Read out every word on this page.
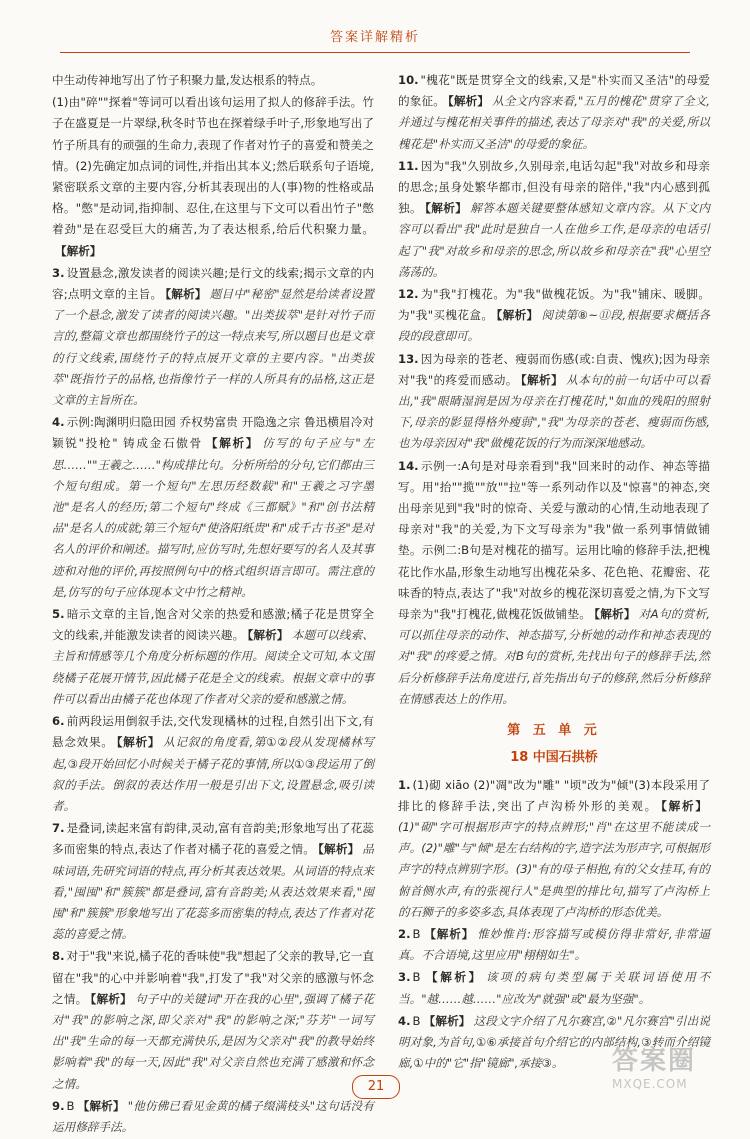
答案详解精析
中生动传神地写出了竹子积聚力量,发达根系的特点。
(1)由"碎""探着"等词可以看出该句运用了拟人的修辞手法。竹子在盛夏是一片翠绿,秋冬时节也在探着绿手叶子,形象地写出了竹子所具有的顽强的生命力,表现了作者对竹子的喜爱和赞美之情。(2)先确定加点词的词性,并指出其本义;然后联系句子语境,紧密联系文章的主要内容,分析其表现出的人(事)物的性格或品格。"憋"是动词,指抑制、忍住,在这里与下文可以看出竹子"憋着劲"是在忍受巨大的痛苦,为了表达根系,给后代积聚力量。【解析】
3. 设置悬念,激发读者的阅读兴趣;是行文的线索;揭示文章的内容;点明文章的主旨。 【解析】 题目中"秘密"显然是给读者设置了一个悬念,激发了读者的阅读兴趣。"出类拔萃"是针对竹子而言的,整篇文章也都围绕竹子的这一特点来写,所以题目也是文章的行文线索,围绕竹子的特点展开文章的主要内容。"出类拔萃"既指竹子的品格,也指像竹子一样的人所具有的品格,这正是文章的主旨所在。
4. 示例:陶渊明归隐田园 乔权势富贵 开隐逸之宗 鲁迅横眉冷对 颖锐"投枪" 铸成金石傲骨 【解析】 仿写的句子应与"左思……""王羲之……"构成排比句。分析所给的分句,它们都由三个短句组成。第一个短句"左思历经数载"和"王羲之习字墨池"是名人的经历;第二个短句"终成《三都赋》"和"创书法精品"是名人的成就;第三个短句"使洛阳纸贵"和"成千古书圣"是对名人的评价和阐述。描写时,应仿写时,先想好要写的名人及其事迹和对他的评价,再按照例句中的格式组织语言即可。需注意的是,仿写的句子应体现本文中竹之精神。
5. 暗示文章的主旨,饱含对父亲的热爱和感激;橘子花是贯穿全文的线索,并能激发读者的阅读兴趣。 【解析】 本题可以线索、主旨和情感等几个角度分析标题的作用。阅读全文可知,本文围绕橘子花展开情节,因此橘子花是全文的线索。根据文章中的事件可以看出由橘子花也体现了作者对父亲的爱和感激之情。
6. 前两段运用倒叙手法,交代发现橘林的过程,自然引出下文,有悬念效果。 【解析】 从记叙的角度看,第①②段从发现橘林写起,③段开始回忆小时候关于橘子花的事情,所以①③段运用了倒叙的手法。倒叙的表达作用一般是引出下文,设置悬念,吸引读者。
7. 是叠词,读起来富有韵律,灵动,富有音韵美;形象地写出了花蕊多而密集的特点,表达了作者对橘子花的喜爱之情。 【解析】 品味词语,先研究词语的特点,再分析其表达效果。从词语的特点来看,"囤囤"和"簇簇"都是叠词,富有音韵美;从表达效果来看,"囤囤"和"簇簇"形象地写出了花蕊多而密集的特点,表达了作者对花蕊的喜爱之情。
8. 对于"我"来说,橘子花的香味使"我"想起了父亲的教导,它一直留在"我"的心中并影响着"我",打发了"我"对父亲的感激与怀念之情。 【解析】 句子中的关键词"开在我的心里",强调了橘子花对"我"的影响之深,即父亲对"我"的影响之深;"芬芳"一词写出"我"生命的每一天都充满快乐,是因为父亲对"我"的教导始终影响着"我"的每一天,因此"我"对父亲自然也充满了感激和怀念之情。
9. B 【解析】 "他仿佛已看见金黄的橘子缀满枝头"这句话没有运用修辞手法。
10. "槐花"既是贯穿全文的线索,又是"朴实而又圣洁"的母爱的象征。 【解析】 从全文内容来看,"五月的槐花"贯穿了全文,并通过与槐花相关事件的描述,表达了母亲对"我"的关爱,所以槐花是"朴实而又圣洁"的母爱的象征。
11. 因为"我"久别故乡,久别母亲,电话勾起"我"对故乡和母亲的思念;虽身处繁华都市,但没有母亲的陪伴,"我"内心感到孤独。 【解析】 解答本题关键要整体感知文章内容。从下文内容可以看出"我"此时是独自一人在他乡工作,是母亲的电话引起了"我"对故乡和母亲的思念,所以故乡和母亲在"我"心里空荡荡的。
12. 为"我"打槐花。为"我"做槐花饭。为"我"铺床、暖脚。为"我"买槐花盒。 【解析】 阅读第⑧~⑪段,根据要求概括各段的段意即可。
13. 因为母亲的苍老、瘦弱而伤感(或:自责、愧疚);因为母亲对"我"的疼爱而感动。 【解析】 从本句的前一句话中可以看出,"我"眼睛湿润是因为母亲在打槐花时,"如血的残阳的照射下,母亲的影显得格外瘦弱","我"为母亲的苍老、瘦弱而伤感,也为母亲因对"我"做槐花饭的行为而深深地感动。
14. 示例一:A句是对母亲看到"我"回来时的动作、神态等描写。用"抬""揽""放""拉"等一系列动作以及"惊喜"的神态,突出母亲见到"我"时的惊奇、关爱与激动的心情,生动地表现了母亲对"我"的关爱,为下文写母亲为"我"做一系列事情做铺垫。示例二:B句是对槐花的描写。运用比喻的修辞手法,把槐花比作水晶,形象生动地写出槐花朵多、花色艳、花瓣密、花味香的特点,表达了"我"对故乡的槐花深切喜爱之情,为下文写母亲为"我"打槐花,做槐花饭做铺垫。 【解析】 对A句的赏析,可以抓住母亲的动作、神态描写,分析她的动作和神态表现的对"我"的疼爱之情。对B句的赏析,先找出句子的修辞手法,然后分析修辞手法角度进行,首先指出句子的修辞,然后分析修辞在情感表达上的作用。
第 五 单 元
18 中国石拱桥
1. (1)砌 xiāo (2)"凋"改为"雕" "顷"改为"倾"(3)本段采用了排比的修辞手法,突出了卢沟桥外形的美观。 【解析】(1)"砌"字可根据形声字的特点辨形;"肖"在这里不能读成一声。(2)"雕"与"倾"是左右结构的字,造字法为形声字,可根据形声字的特点辨别字形。(3)"有的母子相抱,有的父女挂耳,有的俯首侧水声,有的张视行人"是典型的排比句,描写了卢沟桥上的石狮子的多姿多态,具体表现了卢沟桥的形态优美。
2. B 【解析】 惟妙惟肖:形容描写或模仿得非常好,非常逼真。不合语境,这里应用"栩栩如生"。
3. B 【解析】 该项的病句类型属于关联词语使用不当。"越……越……"应改为"就强"或"最为坚强"。
4. B 【解析】 这段文字介绍了凡尔赛宫,②"凡尔赛宫"引出说明对象,为首句,①⑥承接首句介绍它的内部结构,③转而介绍镜廊,①中的"它"指"镜廊",承接③。
21
答案圈
MXQE.COM
